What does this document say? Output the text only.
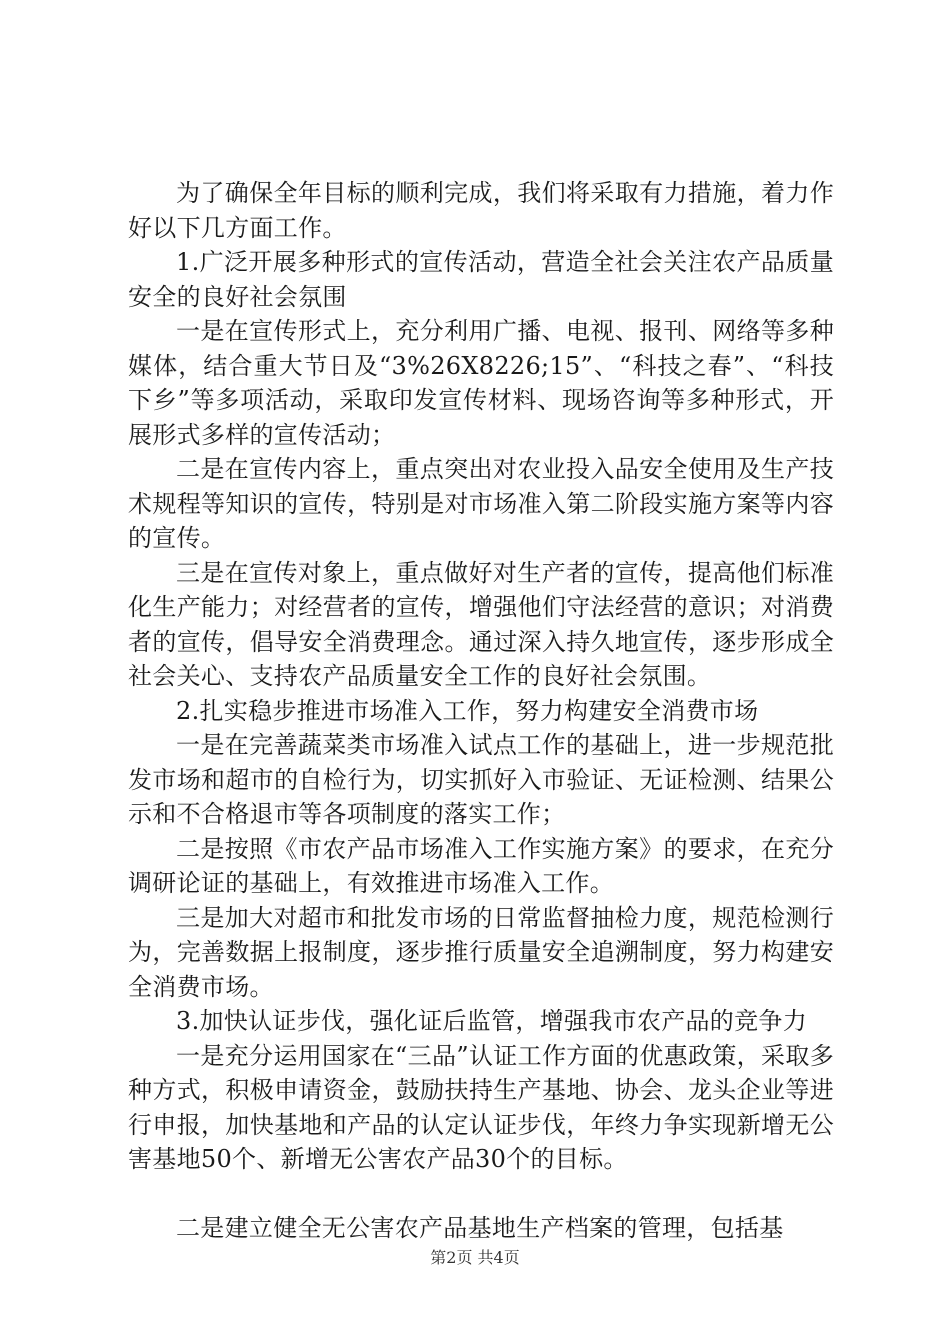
为了确保全年目标的顺利完成，我们将采取有力措施，着力作好以下几方面工作。

1.广泛开展多种形式的宣传活动，营造全社会关注农产品质量安全的良好社会氛围

一是在宣传形式上，充分利用广播、电视、报刊、网络等多种媒体，结合重大节日及“3%26X8226;15”、“科技之春”、“科技下乡”等多项活动，采取印发宣传材料、现场咨询等多种形式，开展形式多样的宣传活动；

二是在宣传内容上，重点突出对农业投入品安全使用及生产技术规程等知识的宣传，特别是对市场准入第二阶段实施方案等内容的宣传。

三是在宣传对象上，重点做好对生产者的宣传，提高他们标准化生产能力；对经营者的宣传，增强他们守法经营的意识；对消费者的宣传，倡导安全消费理念。通过深入持久地宣传，逐步形成全社会关心、支持农产品质量安全工作的良好社会氛围。

2.扎实稳步推进市场准入工作，努力构建安全消费市场

一是在完善蔬菜类市场准入试点工作的基础上，进一步规范批发市场和超市的自检行为，切实抓好入市验证、无证检测、结果公示和不合格退市等各项制度的落实工作；

二是按照《市农产品市场准入工作实施方案》的要求，在充分调研论证的基础上，有效推进市场准入工作。

三是加大对超市和批发市场的日常监督抽检力度，规范检测行为，完善数据上报制度，逐步推行质量安全追溯制度，努力构建安全消费市场。

3.加快认证步伐，强化证后监管，增强我市农产品的竞争力

一是充分运用国家在“三品”认证工作方面的优惠政策，采取多种方式，积极申请资金，鼓励扶持生产基地、协会、龙头企业等进行申报，加快基地和产品的认定认证步伐，年终力争实现新增无公害基地50个、新增无公害农产品30个的目标。

二是建立健全无公害农产品基地生产档案的管理，包括基

第2页 共4页
